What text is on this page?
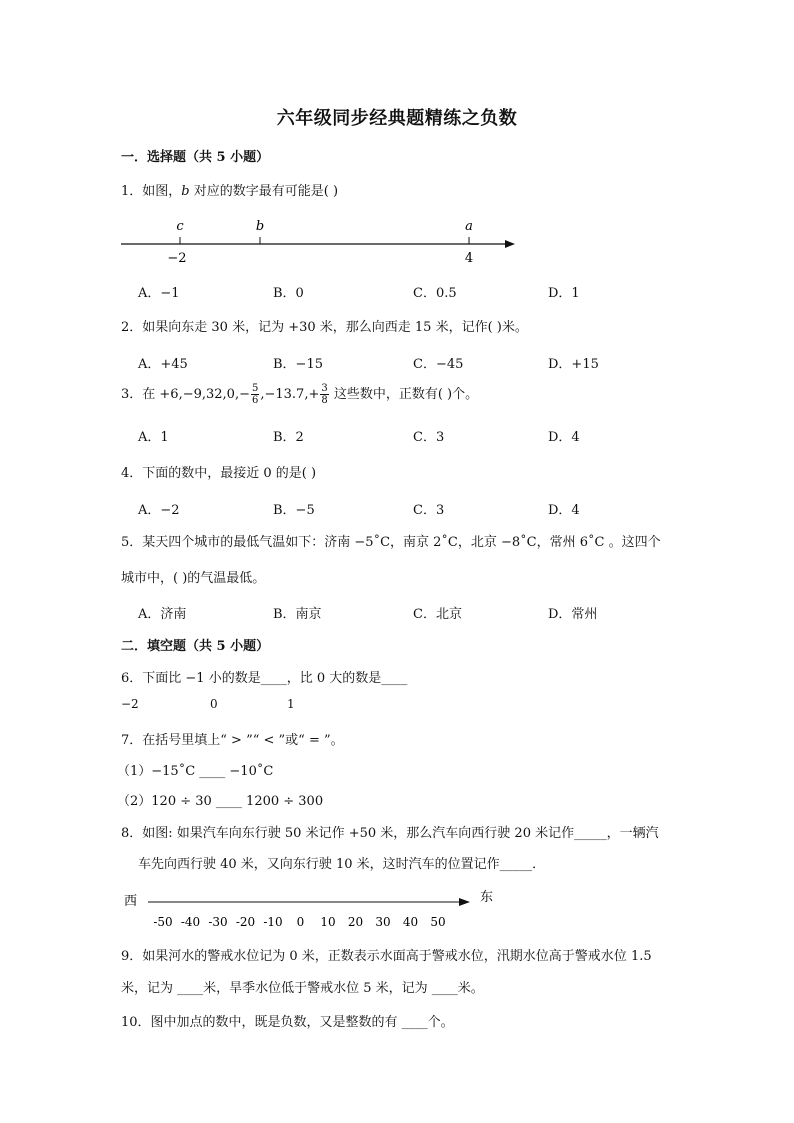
六年级同步经典题精练之负数
一．选择题（共 5 小题）
1．如图，b 对应的数字最有可能是( )
c	b	a
−2	4
A．−1	B．0	C．0.5	D．1
2．如果向东走 30 米，记为 +30 米，那么向西走 15 米，记作( )米。
A．+45	B．−15	C．−45	D．+15
3．在 $+6,-9,32,0,- \frac{5}{6} ,-13.7,+ \frac{3}{8}$ 这些数中，正数有( )个。
A．1	B．2	C．3	D．4
4．下面的数中，最接近 0 的是( )
A．−2	B．−5	C．3	D．4
5．某天四个城市的最低气温如下：济南 −5˚C，南京 2˚C，北京 −8˚C，常州 6˚C 。这四个
城市中，( )的气温最低。
A．济南	B．南京	C．北京	D．常州
二．填空题（共 5 小题）
6．下面比 −1 小的数是____，比 0 大的数是____
−2	0	1
7．在括号里填上“ > ”“ < ”或“ = ”。
（1）−15˚C ____ −10˚C
（2）120 ÷ 30 ____ 1200 ÷ 300
8．如图: 如果汽车向东行驶 50 米记作 +50 米，那么汽车向西行驶 20 米记作_____，一辆汽
车先向西行驶 40 米，又向东行驶 10 米，这时汽车的位置记作_____．
西	东
-50 -40 -30 -20 -10 0 10 20 30 40 50
9．如果河水的警戒水位记为 0 米，正数表示水面高于警戒水位，汛期水位高于警戒水位 1.5
米，记为 ____米，旱季水位低于警戒水位 5 米，记为 ____米。
10．图中加点的数中，既是负数，又是整数的有 ____个。
